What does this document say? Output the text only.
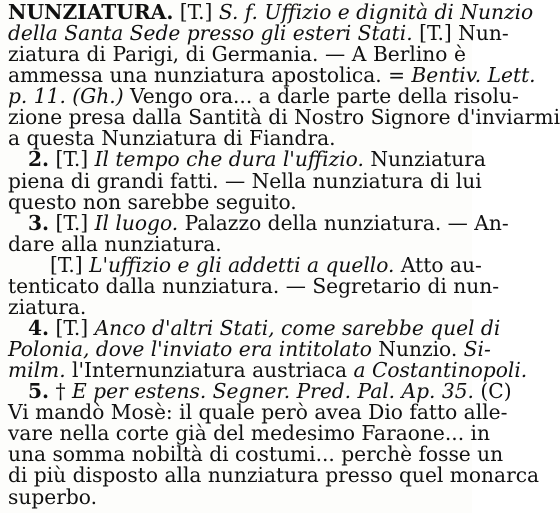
NUNZIATURA. [T.] S. f. Uffizio e dignità di Nunzio
della Santa Sede presso gli esteri Stati. [T.] Nun-
ziatura di Parigi, di Germania. — A Berlino è
ammessa una nunziatura apostolica. = Bentiv. Lett.
p. 11. (Gh.) Vengo ora... a darle parte della risolu-
zione presa dalla Santità di Nostro Signore d'inviarmi
a questa Nunziatura di Fiandra.
2. [T.] Il tempo che dura l'uffizio. Nunziatura
piena di grandi fatti. — Nella nunziatura di lui
questo non sarebbe seguito.
3. [T.] Il luogo. Palazzo della nunziatura. — An-
dare alla nunziatura.
[T.] L'uffizio e gli addetti a quello. Atto au-
tenticato dalla nunziatura. — Segretario di nun-
ziatura.
4. [T.] Anco d'altri Stati, come sarebbe quel di
Polonia, dove l'inviato era intitolato Nunzio. Si-
milm. l'Internunziatura austriaca a Costantinopoli.
5. † E per estens. Segner. Pred. Pal. Ap. 35. (C)
Vi mandò Mosè: il quale però avea Dio fatto alle-
vare nella corte già del medesimo Faraone... in
una somma nobiltà di costumi... perchè fosse un
di più disposto alla nunziatura presso quel monarca
superbo.
